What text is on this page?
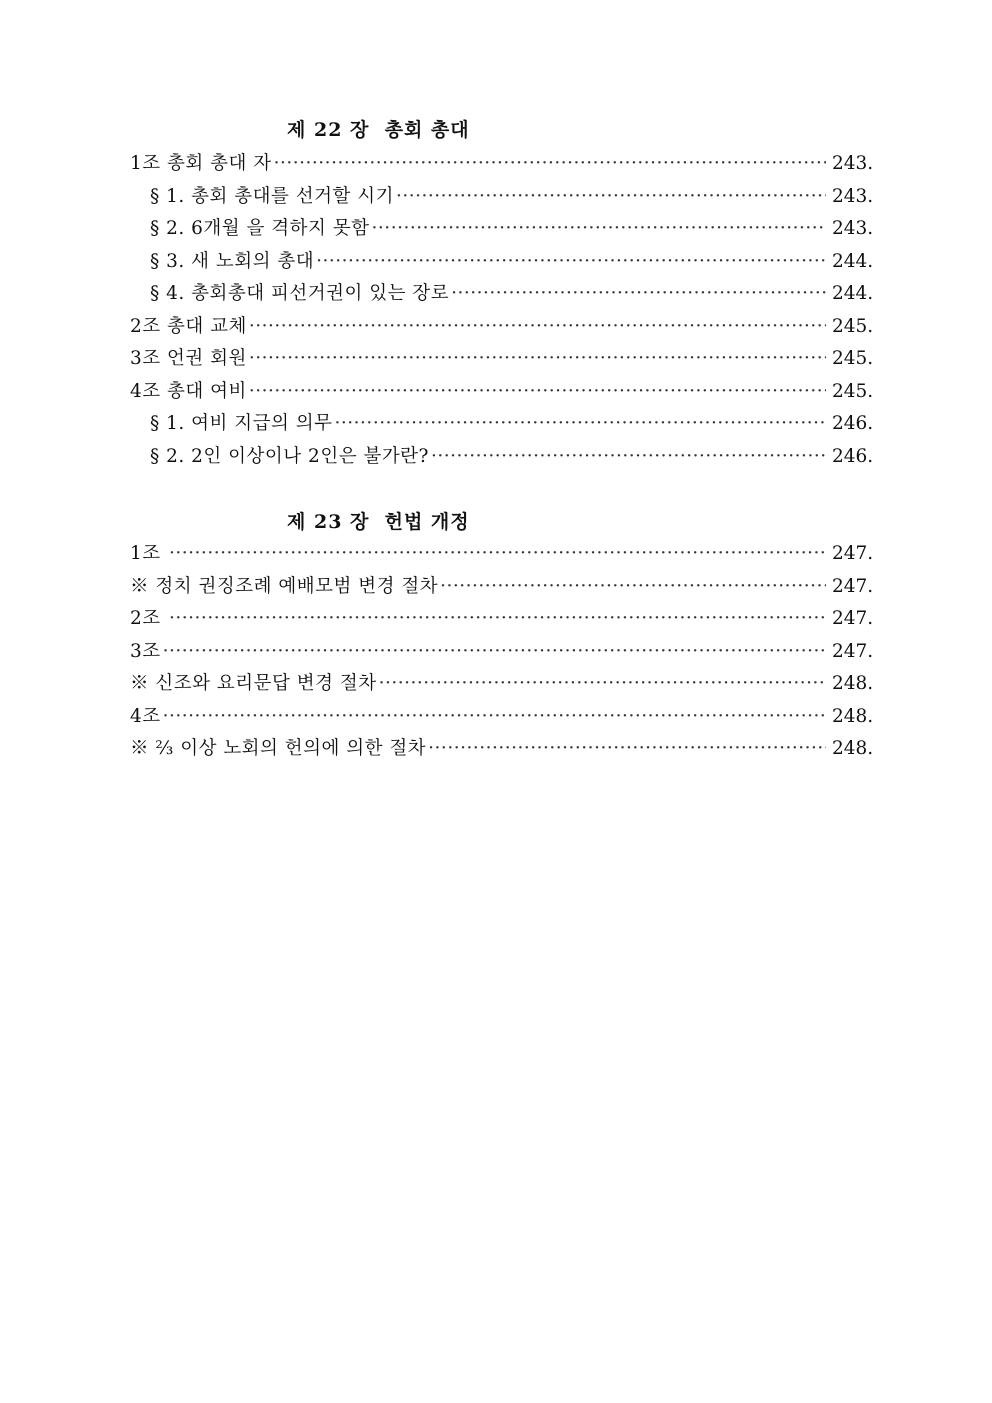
제 22 장  총회 총대
1조 총회 총대 자 ·····	243.
§ 1. 총회 총대를 선거할 시기 ·····	243.
§ 2. 6개월 을 격하지 못함 ·····	243.
§ 3. 새 노회의 총대 ·····	244.
§ 4. 총회총대 피선거권이 있는 장로 ·····	244.
2조 총대 교체 ·····	245.
3조 언권 회원 ·····	245.
4조 총대 여비 ·····	245.
§ 1. 여비 지급의 의무 ·····	246.
§ 2. 2인 이상이나 2인은 불가란? ·····	246.
제 23 장  헌법 개정
1조 ·····	247.
※ 정치 권징조례 예배모범 변경 절차 ·····	247.
2조 ·····	247.
3조 ·····	247.
※ 신조와 요리문답 변경 절차 ·····	248.
4조 ·····	248.
※ ⅔ 이상 노회의 헌의에 의한 절차 ·····	248.
